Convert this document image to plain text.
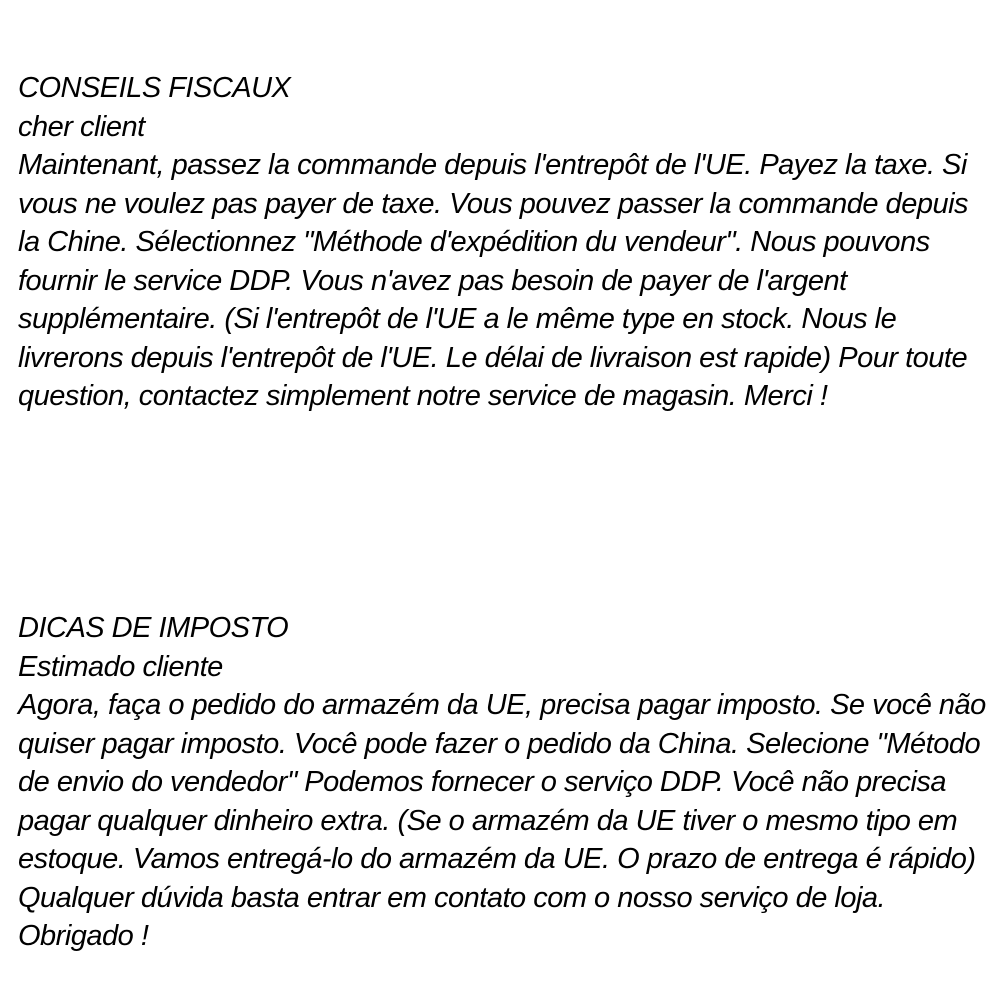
CONSEILS FISCAUX

cher client

Maintenant, passez la commande depuis l'entrepôt de l'UE. Payez la taxe. Si vous ne voulez pas payer de taxe. Vous pouvez passer la commande depuis la Chine. Sélectionnez "Méthode d'expédition du vendeur". Nous pouvons fournir le service DDP. Vous n'avez pas besoin de payer de l'argent supplémentaire. (Si l'entrepôt de l'UE a le même type en stock. Nous le livrerons depuis l'entrepôt de l'UE. Le délai de livraison est rapide) Pour toute question, contactez simplement notre service de magasin. Merci !

DICAS DE IMPOSTO

Estimado cliente

Agora, faça o pedido do armazém da UE, precisa pagar imposto. Se você não quiser pagar imposto. Você pode fazer o pedido da China. Selecione "Método de envio do vendedor" Podemos fornecer o serviço DDP. Você não precisa pagar qualquer dinheiro extra. (Se o armazém da UE tiver o mesmo tipo em estoque. Vamos entregá-lo do armazém da UE. O prazo de entrega é rápido) Qualquer dúvida basta entrar em contato com o nosso serviço de loja. Obrigado !
